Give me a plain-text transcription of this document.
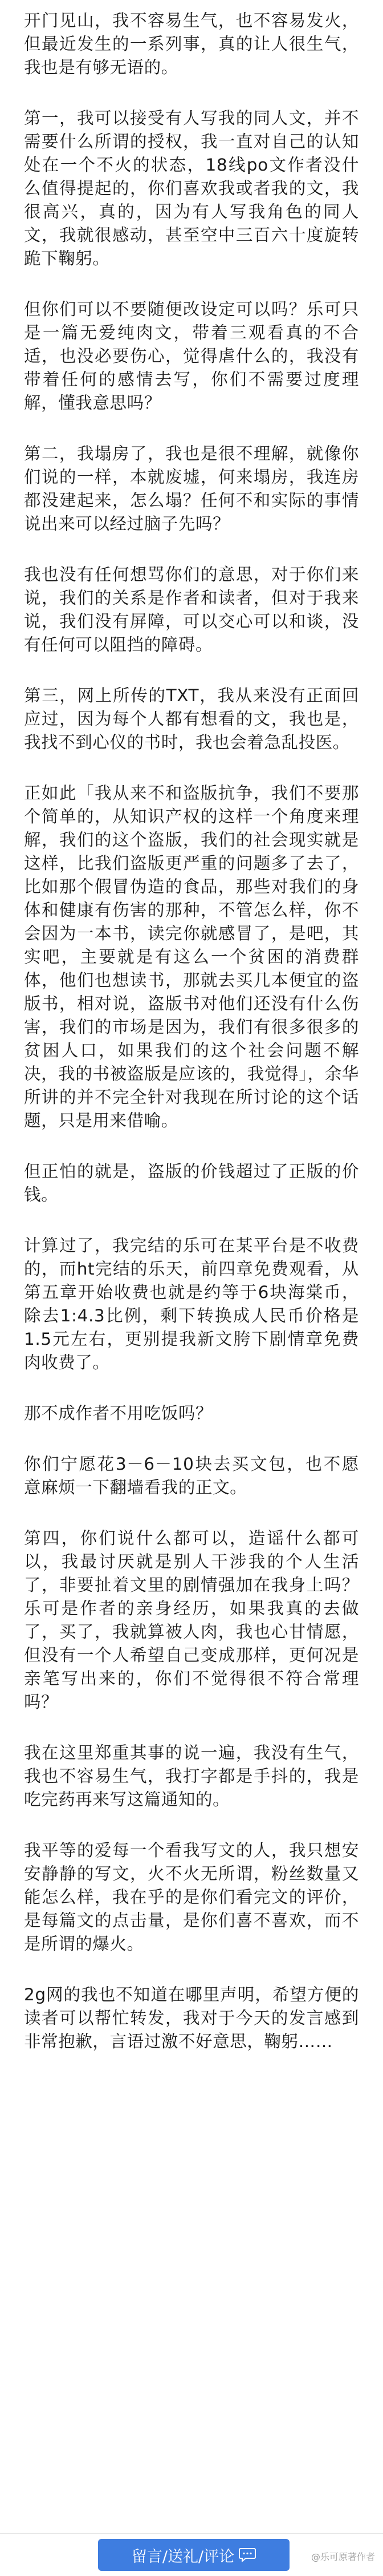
开门见山，我不容易生气，也不容易发火，但最近发生的一系列事，真的让人很生气，我也是有够无语的。

第一，我可以接受有人写我的同人文，并不需要什么所谓的授权，我一直对自己的认知处在一个不火的状态，18线po文作者没什么值得提起的，你们喜欢我或者我的文，我很高兴，真的，因为有人写我角色的同人文，我就很感动，甚至空中三百六十度旋转跪下鞠躬。

但你们可以不要随便改设定可以吗？乐可只是一篇无爱纯肉文，带着三观看真的不合适，也没必要伤心，觉得虐什么的，我没有带着任何的感情去写，你们不需要过度理解，懂我意思吗？

第二，我塌房了，我也是很不理解，就像你们说的一样，本就废墟，何来塌房，我连房都没建起来，怎么塌？任何不和实际的事情说出来可以经过脑子先吗？

我也没有任何想骂你们的意思，对于你们来说，我们的关系是作者和读者，但对于我来说，我们没有屏障，可以交心可以和谈，没有任何可以阻挡的障碍。

第三，网上所传的TXT，我从来没有正面回应过，因为每个人都有想看的文，我也是，我找不到心仪的书时，我也会着急乱投医。

正如此「我从来不和盗版抗争，我们不要那个简单的，从知识产权的这样一个角度来理解，我们的这个盗版，我们的社会现实就是这样，比我们盗版更严重的问题多了去了，比如那个假冒伪造的食品，那些对我们的身体和健康有伤害的那种，不管怎么样，你不会因为一本书，读完你就感冒了，是吧，其实吧，主要就是有这么一个贫困的消费群体，他们也想读书，那就去买几本便宜的盗版书，相对说，盗版书对他们还没有什么伤害，我们的市场是因为，我们有很多很多的贫困人口，如果我们的这个社会问题不解决，我的书被盗版是应该的，我觉得」，余华所讲的并不完全针对我现在所讨论的这个话题，只是用来借喻。

但正怕的就是，盗版的价钱超过了正版的价钱。

计算过了，我完结的乐可在某平台是不收费的，而ht完结的乐天，前四章免费观看，从第五章开始收费也就是约等于6块海棠币，除去1:4.3比例，剩下转换成人民币价格是1.5元左右，更别提我新文胯下剧情章免费肉收费了。

那不成作者不用吃饭吗？

你们宁愿花3－6－10块去买文包，也不愿意麻烦一下翻墙看我的正文。

第四，你们说什么都可以，造谣什么都可以，我最讨厌就是别人干涉我的个人生活了，非要扯着文里的剧情强加在我身上吗？乐可是作者的亲身经历，如果我真的去做了，买了，我就算被人肉，我也心甘情愿，但没有一个人希望自己变成那样，更何况是亲笔写出来的，你们不觉得很不符合常理吗？

我在这里郑重其事的说一遍，我没有生气，我也不容易生气，我打字都是手抖的，我是吃完药再来写这篇通知的。

我平等的爱每一个看我写文的人，我只想安安静静的写文，火不火无所谓，粉丝数量又能怎么样，我在乎的是你们看完文的评价，是每篇文的点击量，是你们喜不喜欢，而不是所谓的爆火。

2g网的我也不知道在哪里声明，希望方便的读者可以帮忙转发，我对于今天的发言感到非常抱歉，言语过激不好意思，鞠躬……

留言/送礼/评论	@乐可原著作者
